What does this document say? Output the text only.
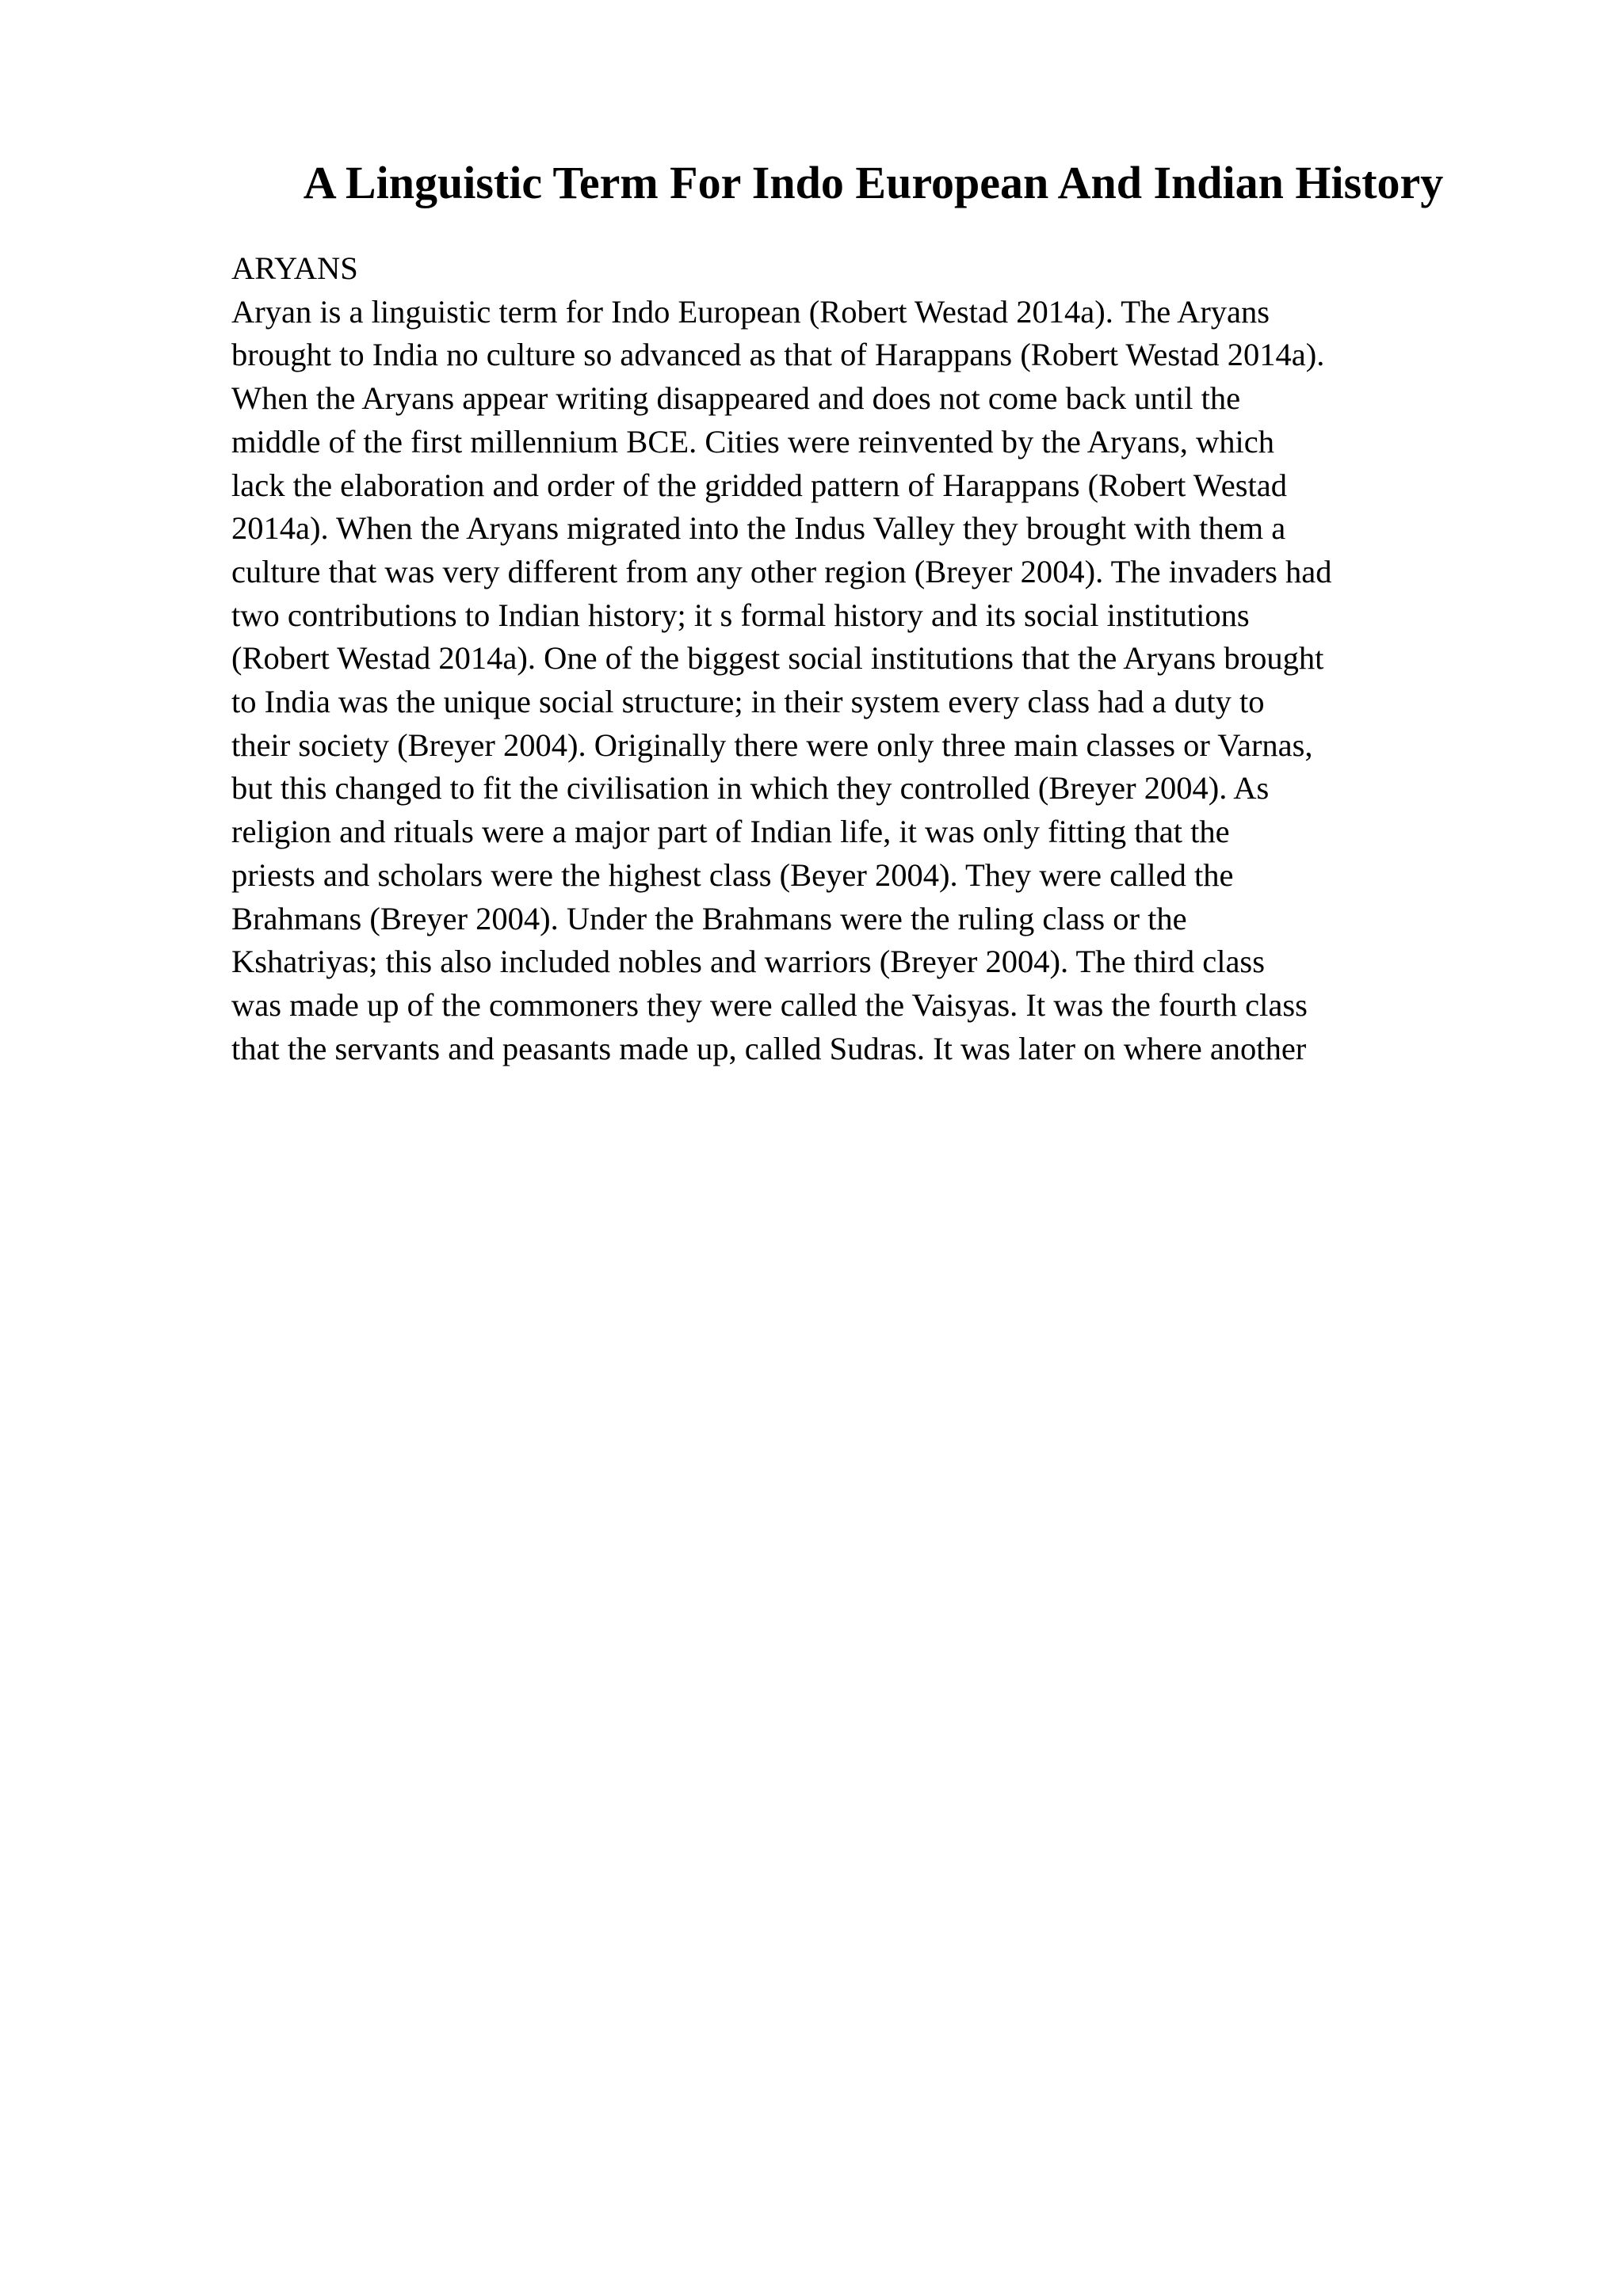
A Linguistic Term For Indo European And Indian History
ARYANS
Aryan is a linguistic term for Indo European (Robert Westad 2014a). The Aryans
brought to India no culture so advanced as that of Harappans (Robert Westad 2014a).
When the Aryans appear writing disappeared and does not come back until the
middle of the first millennium BCE. Cities were reinvented by the Aryans, which
lack the elaboration and order of the gridded pattern of Harappans (Robert Westad
2014a). When the Aryans migrated into the Indus Valley they brought with them a
culture that was very different from any other region (Breyer 2004). The invaders had
two contributions to Indian history; it s formal history and its social institutions
(Robert Westad 2014a). One of the biggest social institutions that the Aryans brought
to India was the unique social structure; in their system every class had a duty to
their society (Breyer 2004). Originally there were only three main classes or Varnas,
but this changed to fit the civilisation in which they controlled (Breyer 2004). As
religion and rituals were a major part of Indian life, it was only fitting that the
priests and scholars were the highest class (Beyer 2004). They were called the
Brahmans (Breyer 2004). Under the Brahmans were the ruling class or the
Kshatriyas; this also included nobles and warriors (Breyer 2004). The third class
was made up of the commoners they were called the Vaisyas. It was the fourth class
that the servants and peasants made up, called Sudras. It was later on where another
